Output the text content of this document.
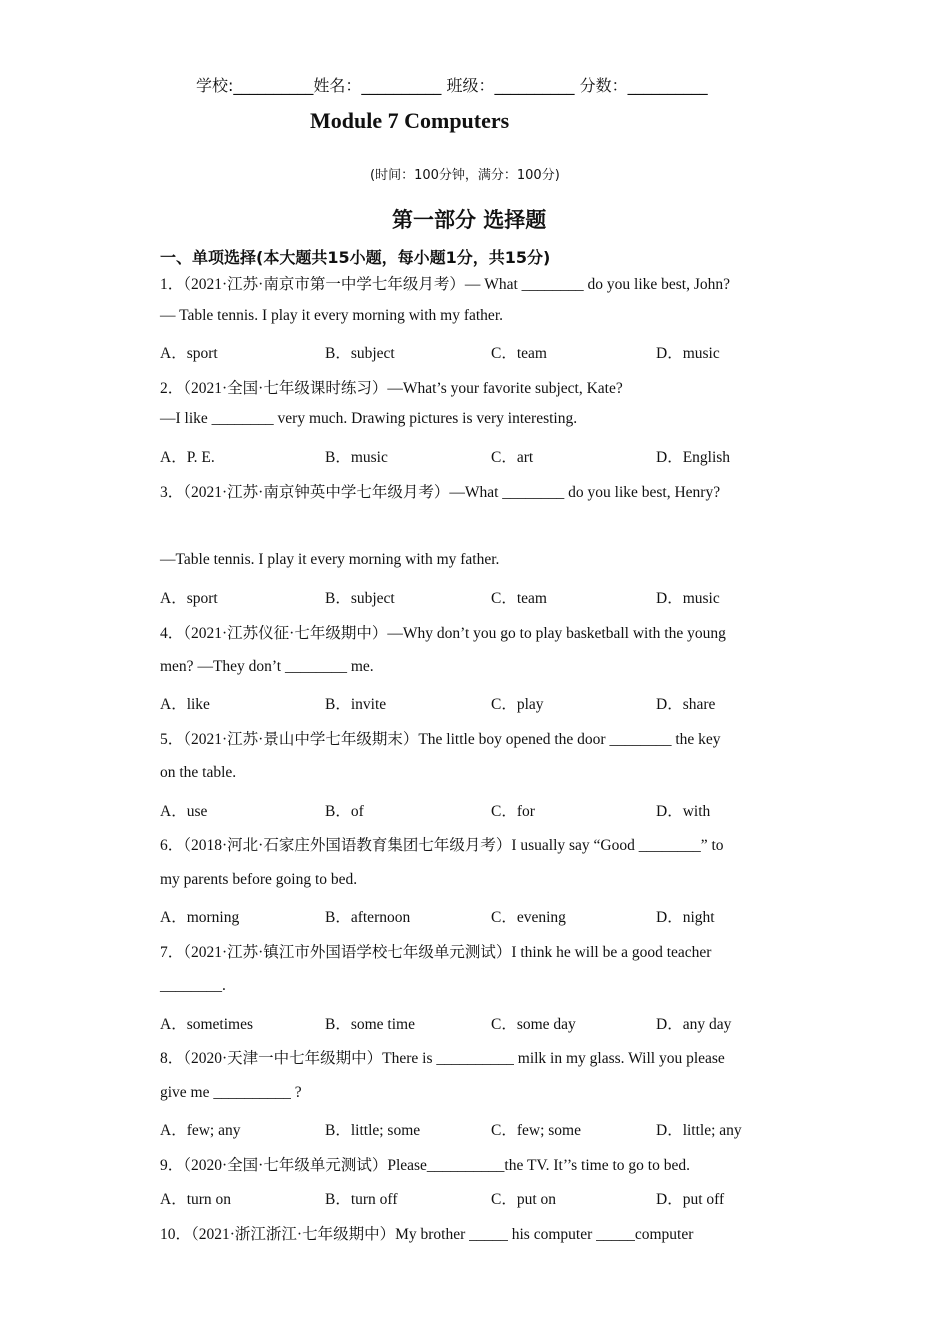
学校:__________姓名：__________ 班级：__________ 分数：__________
Module 7 Computers
(时间：100分钟，满分：100分)
第一部分 选择题
一、单项选择(本大题共15小题，每小题1分，共15分)
1．（2021·江苏·南京市第一中学七年级月考）— What ________ do you like best, John?
— Table tennis. I play it every morning with my father.
A．sport	B．subject	C．team	D．music
2．（2021·全国·七年级课时练习）—What’s your favorite subject, Kate?
—I like ________ very much. Drawing pictures is very interesting.
A．P. E.	B．music	C．art	D．English
3．（2021·江苏·南京钟英中学七年级月考）—What ________ do you like best, Henry?
—Table tennis. I play it every morning with my father.
A．sport	B．subject	C．team	D．music
4．（2021·江苏仪征·七年级期中）—Why don’t you go to play basketball with the young
men? —They don’t ________ me.
A．like	B．invite	C．play	D．share
5．（2021·江苏·景山中学七年级期末）The little boy opened the door ________ the key
on the table.
A．use	B．of	C．for	D．with
6．（2018·河北·石家庄外国语教育集团七年级月考）I usually say “Good ________” to
my parents before going to bed.
A．morning	B．afternoon	C．evening	D．night
7．（2021·江苏·镇江市外国语学校七年级单元测试）I think he will be a good teacher
________.
A．sometimes	B．some time	C．some day	D．any day
8．（2020·天津一中七年级期中）There is __________ milk in my glass. Will you please
give me __________ ?
A．few; any	B．little; some	C．few; some	D．little; any
9．（2020·全国·七年级单元测试）Please__________the TV. It’’s time to go to bed.
A．turn on	B．turn off	C．put on	D．put off
10．（2021·浙江浙江·七年级期中）My brother _____ his computer _____computer
